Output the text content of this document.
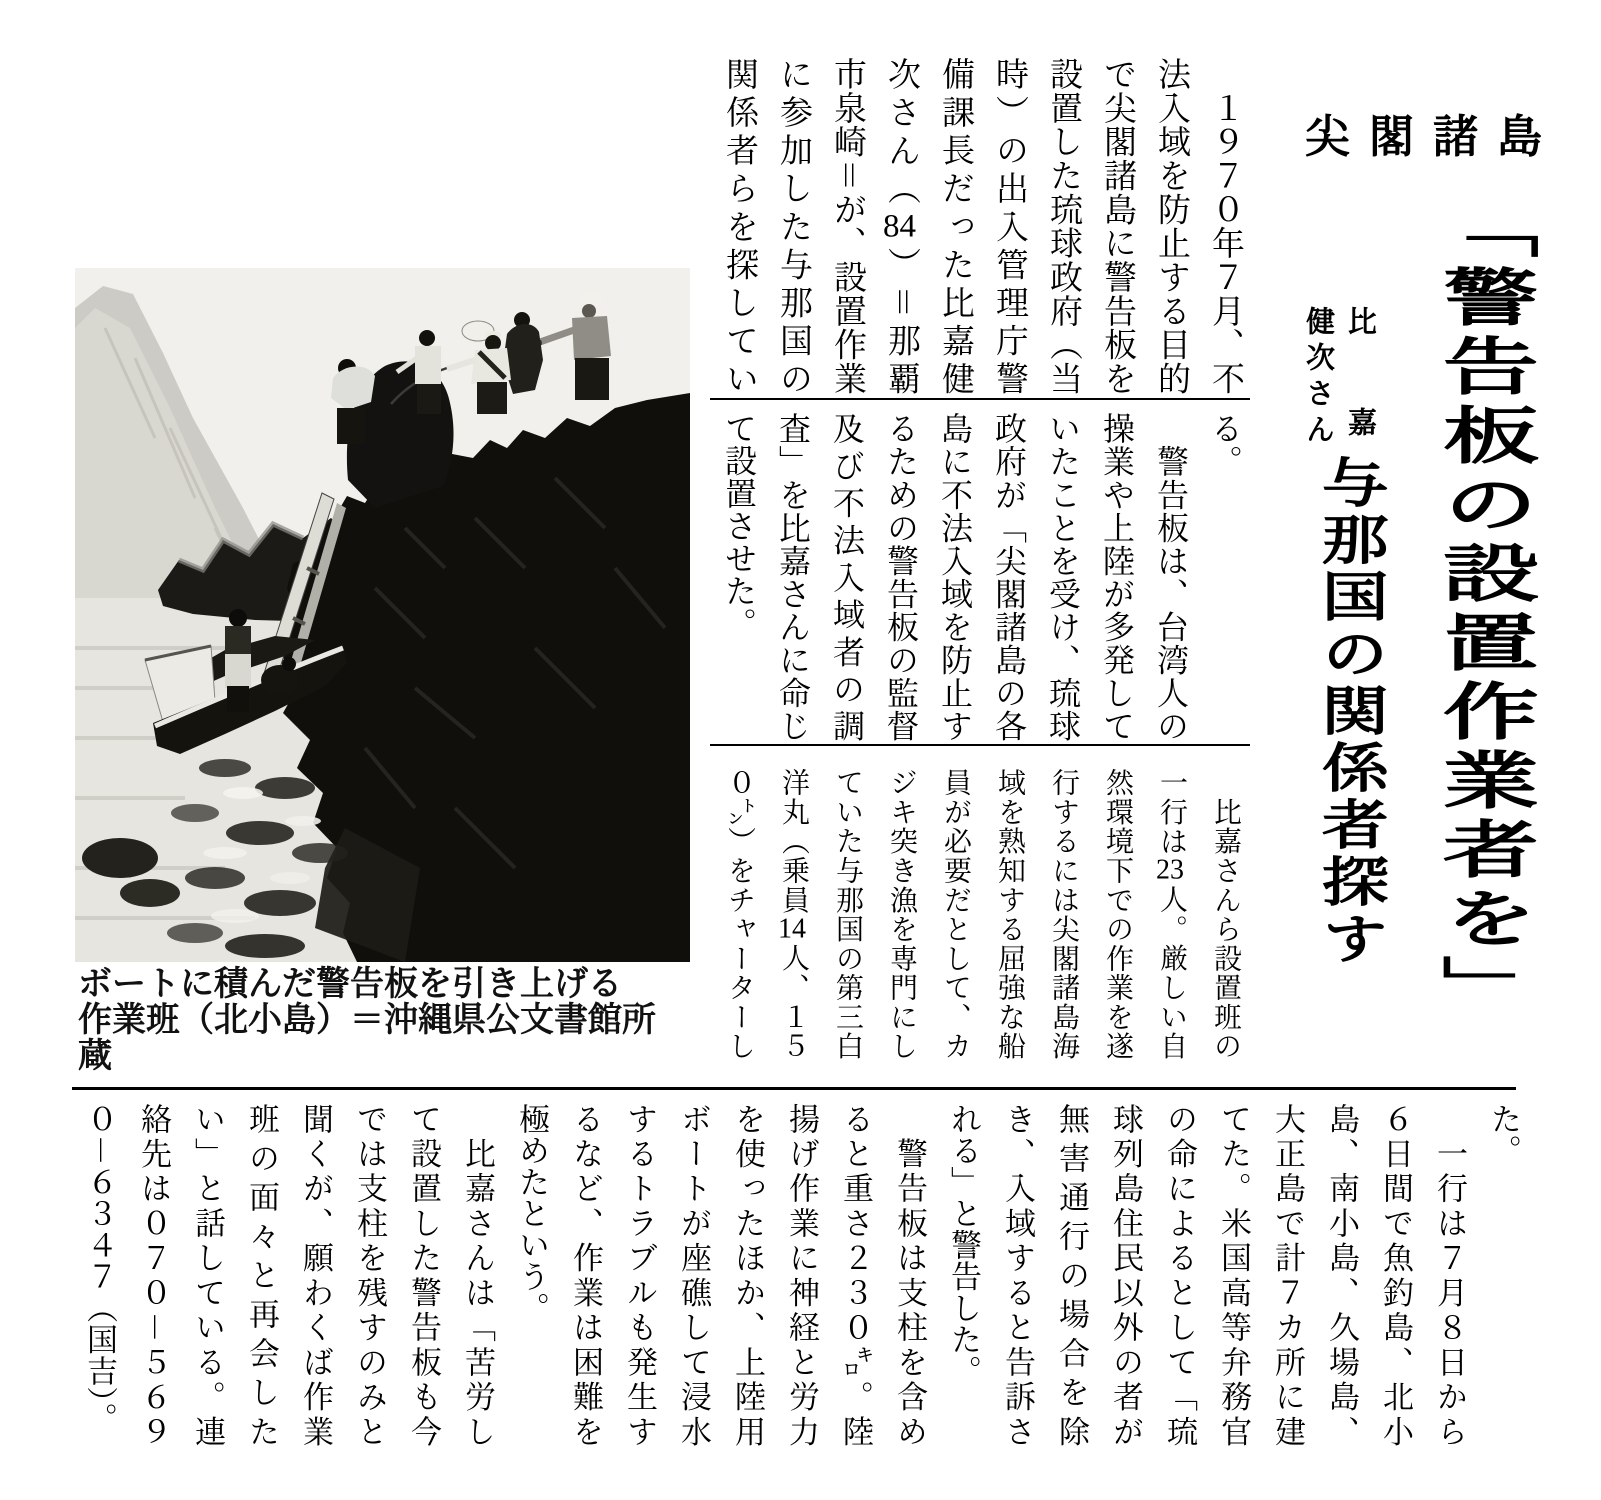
尖閣諸島
「警告板の設置作業者を」
比嘉
健次さん
与那国の関係者探す
　１９７０年７月、不
法入域を防止する目的
で尖閣諸島に警告板を
設置した琉球政府（当
時）の出入管理庁警
備課長だった比嘉健
次さん（84）＝那覇
市泉崎＝が、設置作業
に参加した与那国の
関係者らを探してい
る。
　警告板は、台湾人の
操業や上陸が多発して
いたことを受け、琉球
政府が「尖閣諸島の各
島に不法入域を防止す
るための警告板の監督
及び不法入域者の調
査」を比嘉さんに命じ
て設置させた。
　比嘉さんら設置班の
一行は23人。厳しい自
然環境下での作業を遂
行するには尖閣諸島海
域を熟知する屈強な船
員が必要だとして、カ
ジキ突き漁を専門にし
ていた与那国の第三白
洋丸（乗員14人、１５
０㌧）をチャーターし
た。
　一行は７月８日から
６日間で魚釣島、北小
島、南小島、久場島、
大正島で計７カ所に建
てた。米国高等弁務官
の命によるとして「琉
球列島住民以外の者が
無害通行の場合を除
き、入域すると告訴さ
れる」と警告した。
　警告板は支柱を含め
ると重さ２３０㌔。陸
揚げ作業に神経と労力
を使ったほか、上陸用
ボートが座礁して浸水
するトラブルも発生す
るなど、作業は困難を
極めたという。
　比嘉さんは「苦労し
て設置した警告板も今
では支柱を残すのみと
聞くが、願わくば作業
班の面々と再会した
い」と話している。連
絡先は０７０－５６９
０－６３４７（国吉）。
ボートに積んだ警告板を引き上げる
作業班（北小島）＝沖縄県公文書館所
蔵
